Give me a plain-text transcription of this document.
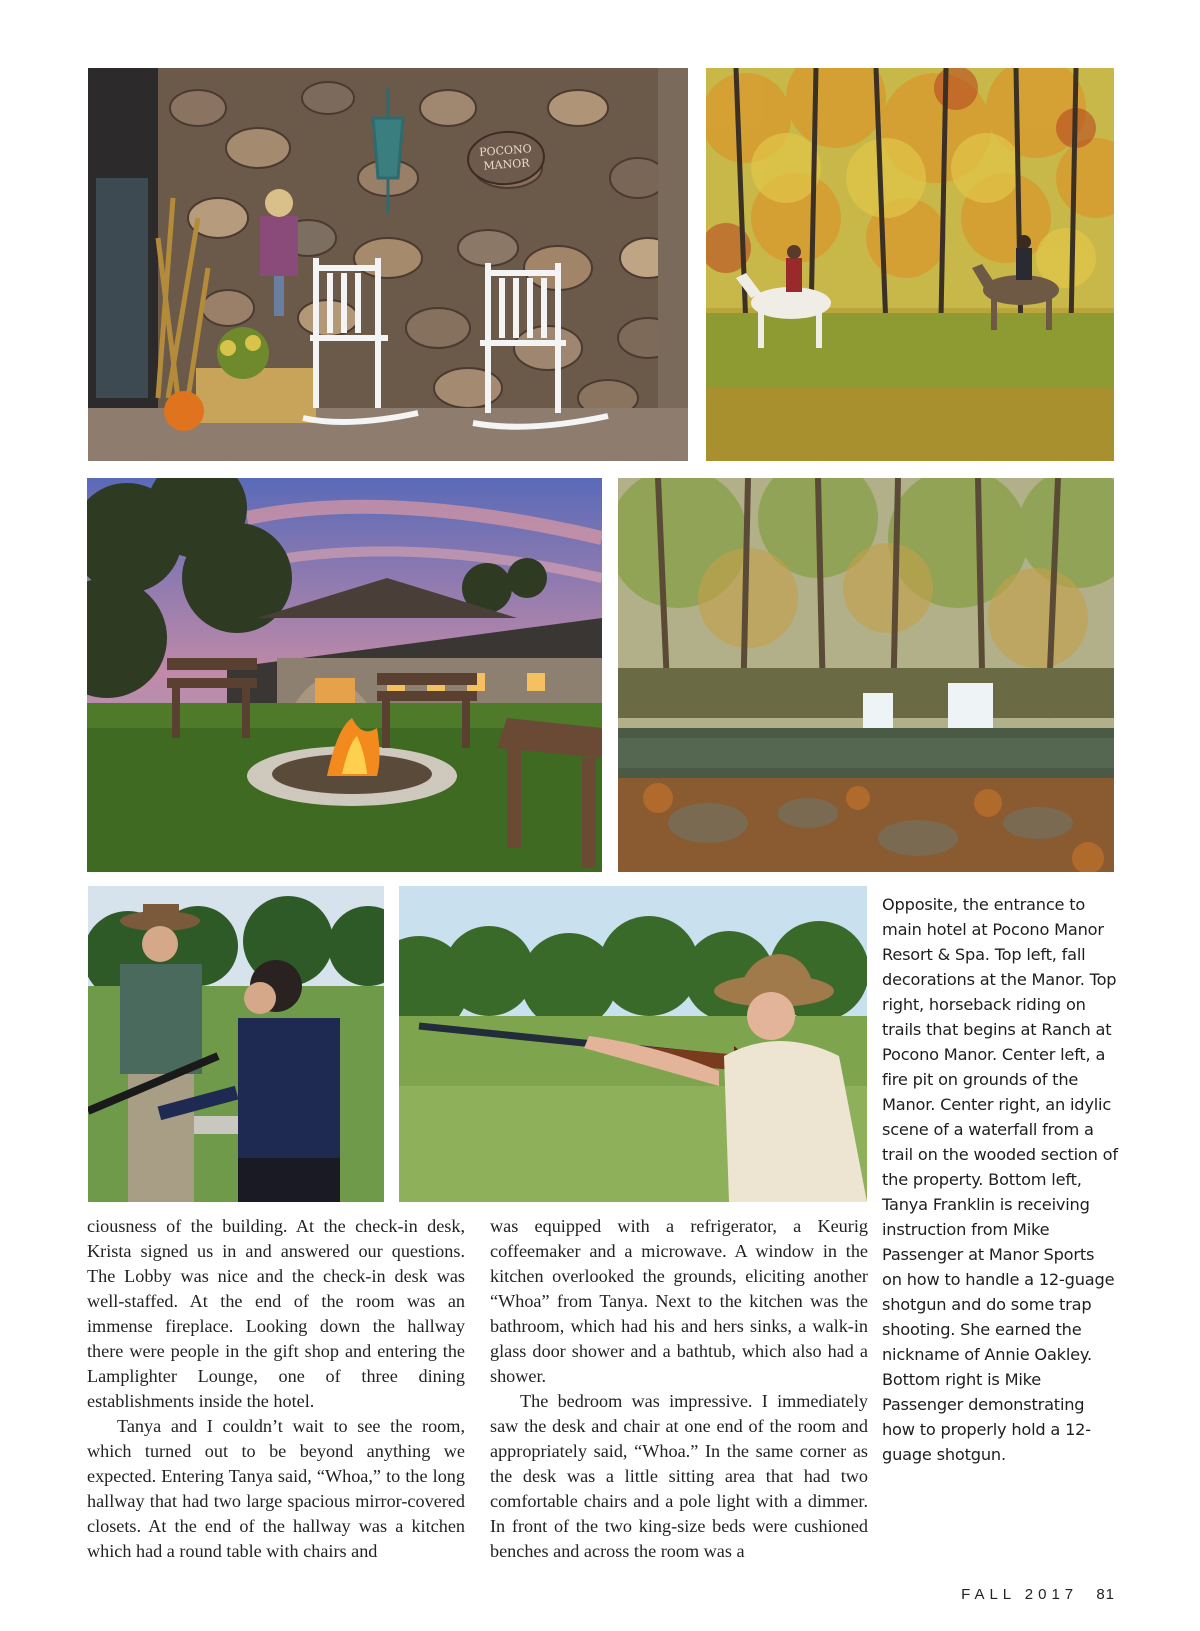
POCONO
MANOR

ciousness of the building. At the check-in desk, Krista signed us in and answered our questions. The Lobby was nice and the check-in desk was well-staffed. At the end of the room was an immense fireplace. Looking down the hallway there were people in the gift shop and entering the Lamplighter Lounge, one of three dining establishments inside the hotel.

Tanya and I couldn’t wait to see the room, which turned out to be beyond anything we expected. Entering Tanya said, “Whoa,” to the long hallway that had two large spacious mirror-covered closets. At the end of the hallway was a kitchen which had a round table with chairs and

was equipped with a refrigerator, a Keurig coffeemaker and a microwave. A window in the kitchen overlooked the grounds, eliciting another “Whoa” from Tanya. Next to the kitchen was the bathroom, which had his and hers sinks, a walk-in glass door shower and a bathtub, which also had a shower.

The bedroom was impressive. I immediately saw the desk and chair at one end of the room and appropriately said, “Whoa.” In the same corner as the desk was a little sitting area that had two comfortable chairs and a pole light with a dimmer. In front of the two king-size beds were cushioned benches and across the room was a

Opposite, the entrance to main hotel at Pocono Manor Resort & Spa. Top left, fall decorations at the Manor. Top right, horseback riding on trails that begins at Ranch at Pocono Manor. Center left, a fire pit on grounds of the Manor. Center right, an idylic scene of a waterfall from a trail on the wooded section of the property. Bottom left, Tanya Franklin is receiving instruction from Mike Passenger at Manor Sports on how to handle a 12-guage shotgun and do some trap shooting. She earned the nickname of Annie Oakley. Bottom right is Mike Passenger demonstrating how to properly hold a 12-guage shotgun.

FALL 2017 81
